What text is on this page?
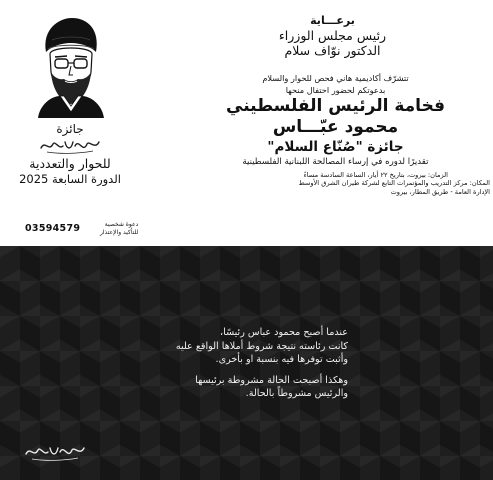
برعـــاية
رئيس مجلس الوزراء
الدكتور نوّاف سلام
تتشرّف أكاديمية هاني فحص للحوار والسلام
بدعوتكم لحضور احتفال منحها
فخامة الرئيس الفلسطيني
محمود عبّـــاس
جائزة "صُنّاع السلام"
تقديرًا لدوره في إرساء المصالحة اللبنانية الفلسطينية
الزمان: بيروت، بتاريخ ٢٢ أيار، الساعة السادسة مساءً
المكان: مركز التدريب والمؤتمرات التابع لشركة طيران الشرق الأوسط
الإدارة العامة - طريق المطار، بيروت
جائزة
للحوار والتعددية
الدورة السابعة 2025
03594579	دعوة شخصية
للتأكيد والإعتذار
عندما أصبح محمود عباس رئيسًا،
كانت رئاسته نتيجة شروط أملاها الواقع عليه
وأثبت توفرها فيه بنسبة او بأخرى.
وهكذا أصبحت الحالة مشروطة برئيسها
والرئيس مشروطاً بالحالة.
